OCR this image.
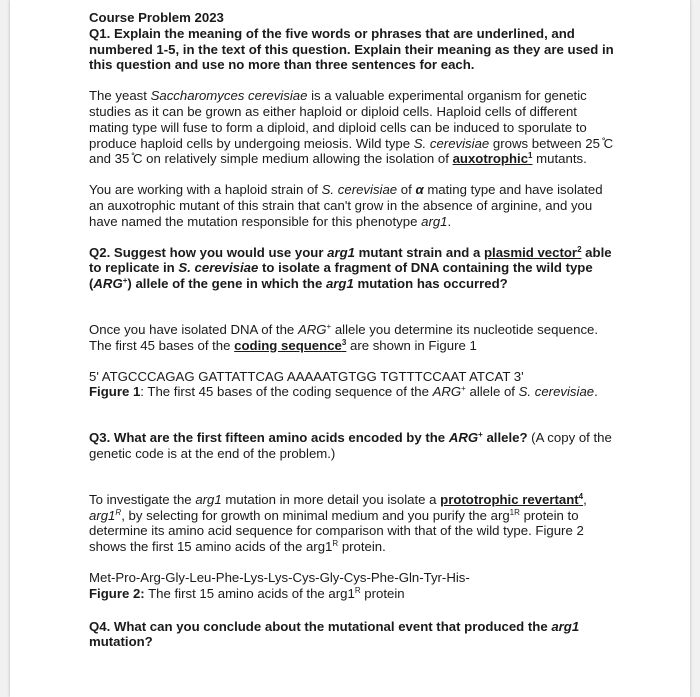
Course Problem 2023

Q1. Explain the meaning of the five words or phrases that are underlined, and numbered 1-5, in the text of this question. Explain their meaning as they are used in this question and use no more than three sentences for each.

The yeast Saccharomyces cerevisiae is a valuable experimental organism for genetic studies as it can be grown as either haploid or diploid cells. Haploid cells of different mating type will fuse to form a diploid, and diploid cells can be induced to sporulate to produce haploid cells by undergoing meiosis. Wild type S. cerevisiae grows between 25 ̊C and 35 ̊C on relatively simple medium allowing the isolation of auxotrophic$^1$ mutants.

You are working with a haploid strain of S. cerevisiae of α mating type and have isolated an auxotrophic mutant of this strain that can't grow in the absence of arginine, and you have named the mutation responsible for this phenotype arg1.

Q2. Suggest how you would use your arg1 mutant strain and a plasmid vector$^2$ able to replicate in S. cerevisiae to isolate a fragment of DNA containing the wild type (ARG+) allele of the gene in which the arg1 mutation has occurred?

Once you have isolated DNA of the ARG+ allele you determine its nucleotide sequence. The first 45 bases of the coding sequence$^3$ are shown in Figure 1

5' ATGCCCAGAG GATTATTCAG AAAAATGTGG TGTTTCCAAT ATCAT 3'

Figure 1: The first 45 bases of the coding sequence of the ARG+ allele of S. cerevisiae.

Q3. What are the first fifteen amino acids encoded by the ARG+ allele? (A copy of the genetic code is at the end of the problem.)

To investigate the arg1 mutation in more detail you isolate a prototrophic revertant$^4$, $arg1^R$, by selecting for growth on minimal medium and you purify the arg$^{1R}$ protein to determine its amino acid sequence for comparison with that of the wild type. Figure 2 shows the first 15 amino acids of the $arg1^R$ protein.

Met-Pro-Arg-Gly-Leu-Phe-Lys-Lys-Cys-Gly-Cys-Phe-Gln-Tyr-His-

Figure 2: The first 15 amino acids of the $arg1^R$ protein

Q4. What can you conclude about the mutational event that produced the arg1 mutation?
